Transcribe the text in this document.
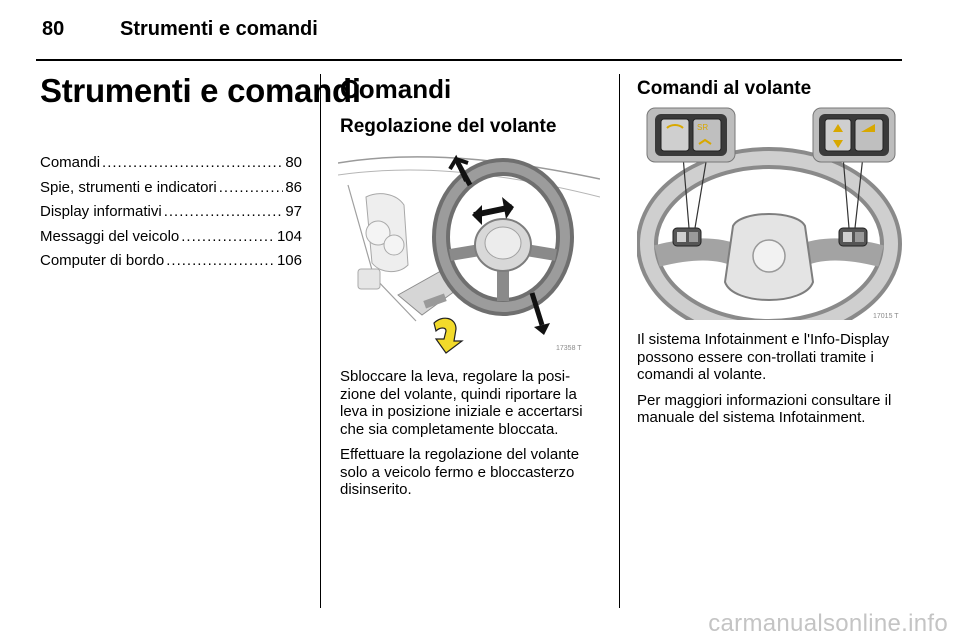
80	Strumenti e comandi
Strumenti e comandi
Comandi .....	80
Spie, strumenti e indicatori .....	86
Display informativi .....	97
Messaggi del veicolo .....	104
Computer di bordo .....	106
Comandi
Regolazione del volante
17358 T

Sbloccare la leva, regolare la posi-zione del volante, quindi riportare la leva in posizione iniziale e accertarsi che sia completamente bloccata.

Effettuare la regolazione del volante solo a veicolo fermo e bloccasterzo disinserito.

Comandi al volante
SR
17015 T

Il sistema Infotainment e l'Info-Display possono essere con-trollati tramite i comandi al volante.

Per maggiori informazioni consultare il manuale del sistema Infotainment.

carmanualsonline.info
